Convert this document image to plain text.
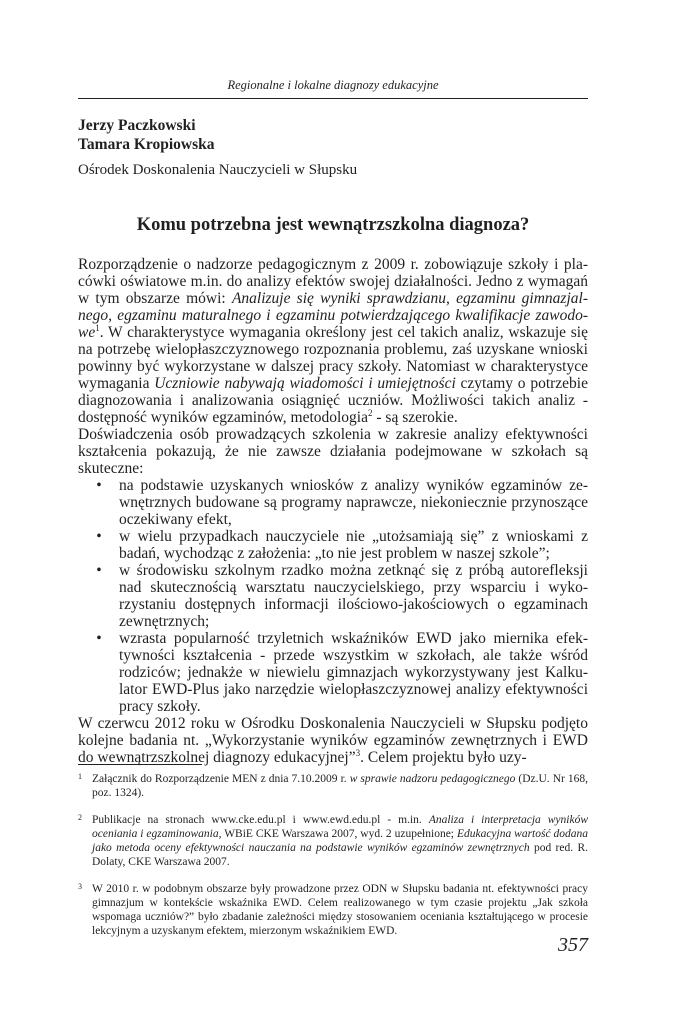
Regionalne i lokalne diagnozy edukacyjne
Jerzy Paczkowski
Tamara Kropiowska
Ośrodek Doskonalenia Nauczycieli w Słupsku
Komu potrzebna jest wewnątrzszkolna diagnoza?

Rozporządzenie o nadzorze pedagogicznym z 2009 r. zobowiązuje szkoły i placówki oświatowe m.in. do analizy efektów swojej działalności. Jedno z wymagań w tym obszarze mówi: Analizuje się wyniki sprawdzianu, egzaminu gimnazjalnego, egzaminu maturalnego i egzaminu potwierdzającego kwalifikacje zawodowe$^1$. W charakterystyce wymagania określony jest cel takich analiz, wskazuje się na potrzebę wielopłaszczyznowego rozpoznania problemu, zaś uzyskane wnioski powinny być wykorzystane w dalszej pracy szkoły. Natomiast w charakterystyce wymagania Uczniowie nabywają wiadomości i umiejętności czytamy o potrzebie diagnozowania i analizowania osiągnięć uczniów. Możliwości takich analiz - dostępność wyników egzaminów, metodologia$^2$ - są szerokie.

Doświadczenia osób prowadzących szkolenia w zakresie analizy efektywności kształcenia pokazują, że nie zawsze działania podejmowane w szkołach są skuteczne:

• na podstawie uzyskanych wniosków z analizy wyników egzaminów zewnętrznych budowane są programy naprawcze, niekoniecznie przynoszące oczekiwany efekt,
• w wielu przypadkach nauczyciele nie „utożsamiają się” z wnioskami z badań, wychodząc z założenia: „to nie jest problem w naszej szkole”;
• w środowisku szkolnym rzadko można zetknąć się z próbą autorefleksji nad skutecznością warsztatu nauczycielskiego, przy wsparciu i wykorzystaniu dostępnych informacji ilościowo-jakościowych o egzaminach zewnętrznych;
• wzrasta popularność trzyletnich wskaźników EWD jako miernika efektywności kształcenia - przede wszystkim w szkołach, ale także wśród rodziców; jednakże w niewielu gimnazjach wykorzystywany jest Kalkulator EWD-Plus jako narzędzie wielopłaszczyznowej analizy efektywności pracy szkoły.

W czerwcu 2012 roku w Ośrodku Doskonalenia Nauczycieli w Słupsku podjęto kolejne badania nt. „Wykorzystanie wyników egzaminów zewnętrznych i EWD do wewnątrzszkolnej diagnozy edukacyjnej”$^3$. Celem projektu było uzy-

1 Załącznik do Rozporządzenie MEN z dnia 7.10.2009 r. w sprawie nadzoru pedagogicznego (Dz.U. Nr 168, poz. 1324).
2 Publikacje na stronach www.cke.edu.pl i www.ewd.edu.pl - m.in. Analiza i interpretacja wyników oceniania i egzaminowania, WBiE CKE Warszawa 2007, wyd. 2 uzupełnione; Edukacyjna wartość dodana jako metoda oceny efektywności nauczania na podstawie wyników egzaminów zewnętrznych pod red. R. Dolaty, CKE Warszawa 2007.
3 W 2010 r. w podobnym obszarze były prowadzone przez ODN w Słupsku badania nt. efektywności pracy gimnazjum w kontekście wskaźnika EWD. Celem realizowanego w tym czasie projektu „Jak szkoła wspomaga uczniów?” było zbadanie zależności między stosowaniem oceniania kształtującego w procesie lekcyjnym a uzyskanym efektem, mierzonym wskaźnikiem EWD.
357
